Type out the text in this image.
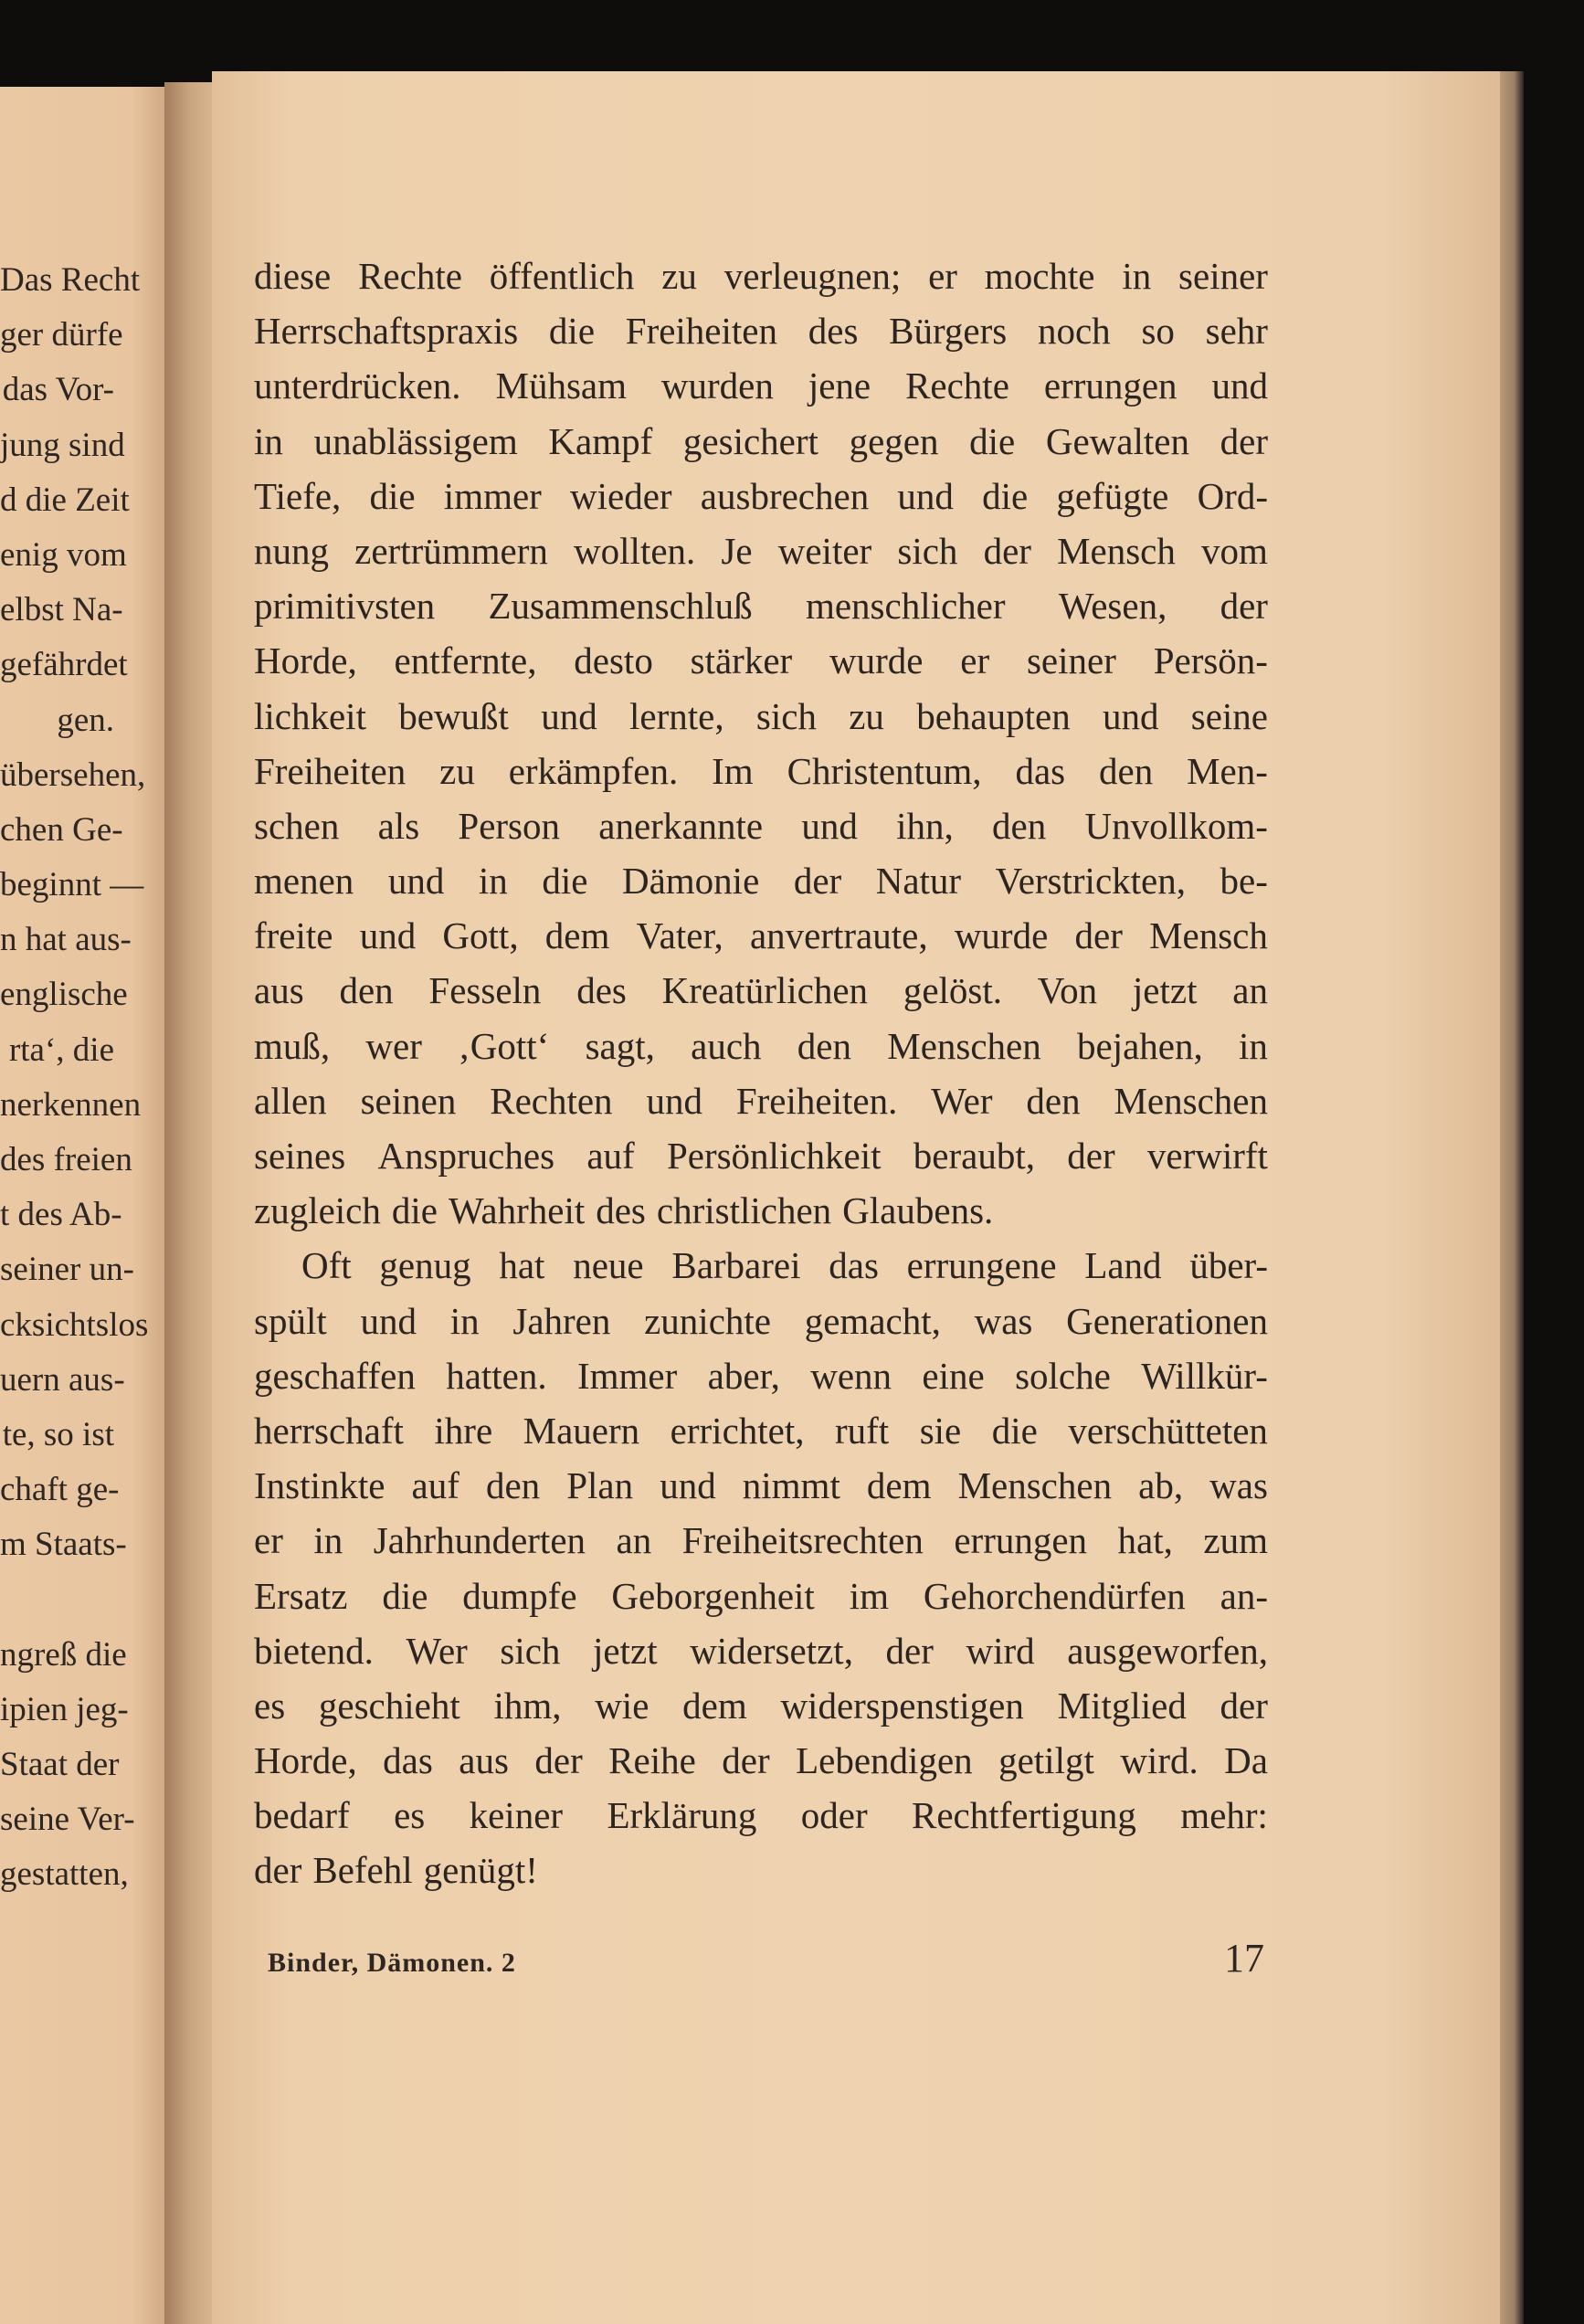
Das Recht
ger dürfe
das Vor-
jung sind
d die Zeit
enig vom
elbst Na-
gefährdet
gen.
übersehen,
chen Ge-
beginnt —
n hat aus-
englische
rta‘, die
nerkennen
des freien
t des Ab-
seiner un-
cksichtslos
uern aus-
te, so ist
chaft ge-
m Staats-
ngreß die
ipien jeg-
Staat der
seine Ver-
gestatten,
diese Rechte öffentlich zu verleugnen; er mochte in seiner
Herrschaftspraxis die Freiheiten des Bürgers noch so sehr
unterdrücken. Mühsam wurden jene Rechte errungen und
in unablässigem Kampf gesichert gegen die Gewalten der
Tiefe, die immer wieder ausbrechen und die gefügte Ord-
nung zertrümmern wollten. Je weiter sich der Mensch vom
primitivsten Zusammenschluß menschlicher Wesen, der
Horde, entfernte, desto stärker wurde er seiner Persön-
lichkeit bewußt und lernte, sich zu behaupten und seine
Freiheiten zu erkämpfen. Im Christentum, das den Men-
schen als Person anerkannte und ihn, den Unvollkom-
menen und in die Dämonie der Natur Verstrickten, be-
freite und Gott, dem Vater, anvertraute, wurde der Mensch
aus den Fesseln des Kreatürlichen gelöst. Von jetzt an
muß, wer ‚Gott‘ sagt, auch den Menschen bejahen, in
allen seinen Rechten und Freiheiten. Wer den Menschen
seines Anspruches auf Persönlichkeit beraubt, der verwirft
zugleich die Wahrheit des christlichen Glaubens.
Oft genug hat neue Barbarei das errungene Land über-
spült und in Jahren zunichte gemacht, was Generationen
geschaffen hatten. Immer aber, wenn eine solche Willkür-
herrschaft ihre Mauern errichtet, ruft sie die verschütteten
Instinkte auf den Plan und nimmt dem Menschen ab, was
er in Jahrhunderten an Freiheitsrechten errungen hat, zum
Ersatz die dumpfe Geborgenheit im Gehorchendürfen an-
bietend. Wer sich jetzt widersetzt, der wird ausgeworfen,
es geschieht ihm, wie dem widerspenstigen Mitglied der
Horde, das aus der Reihe der Lebendigen getilgt wird. Da
bedarf es keiner Erklärung oder Rechtfertigung mehr:
der Befehl genügt!
Binder, Dämonen. 2	17
